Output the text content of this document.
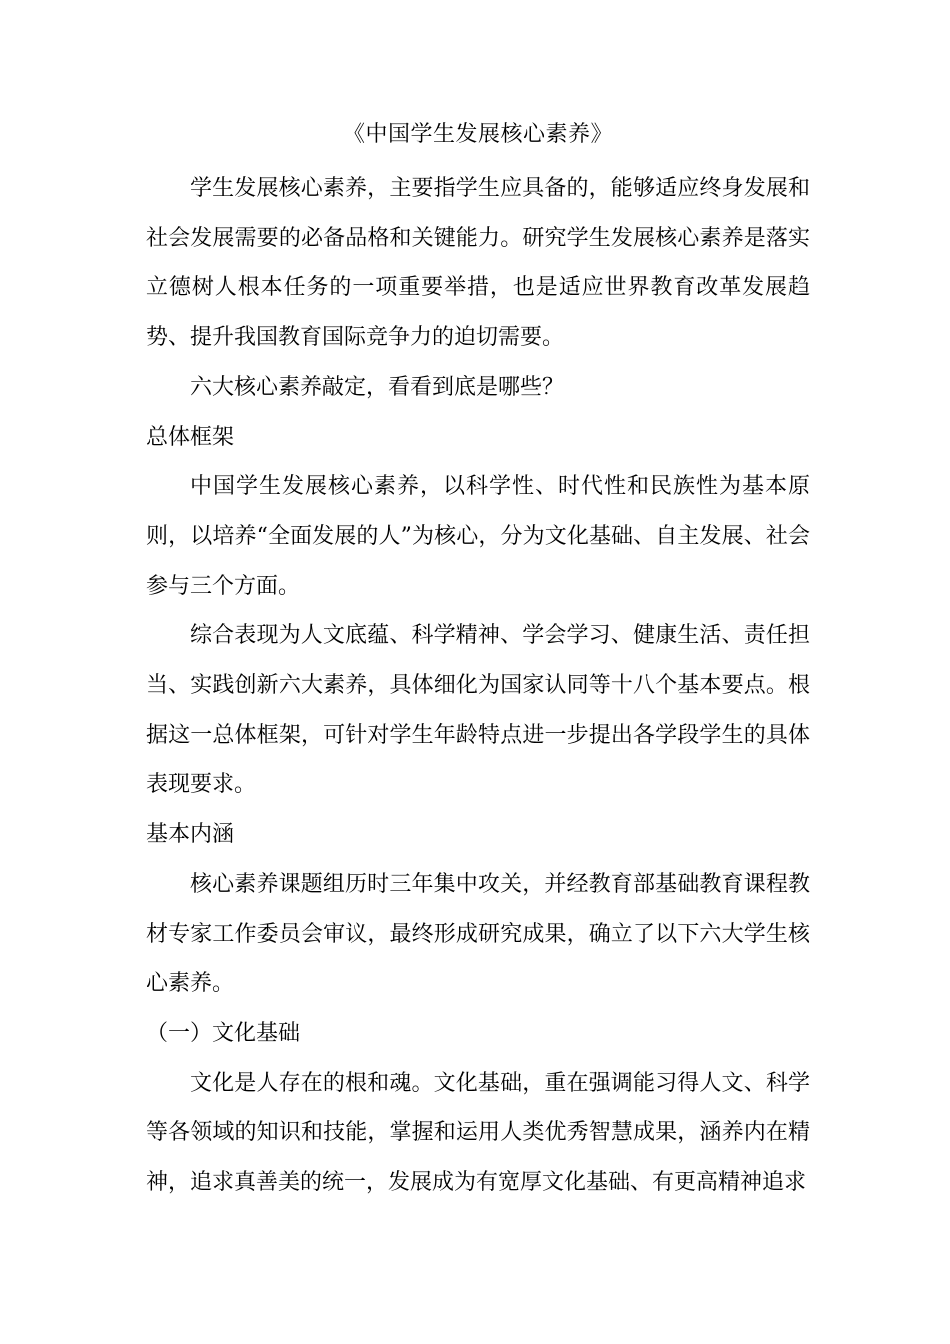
《中国学生发展核心素养》

学生发展核心素养，主要指学生应具备的，能够适应终身发展和社会发展需要的必备品格和关键能力。研究学生发展核心素养是落实立德树人根本任务的一项重要举措，也是适应世界教育改革发展趋势、提升我国教育国际竞争力的迫切需要。

六大核心素养敲定，看看到底是哪些？

总体框架

中国学生发展核心素养，以科学性、时代性和民族性为基本原则，以培养“全面发展的人”为核心，分为文化基础、自主发展、社会参与三个方面。

综合表现为人文底蕴、科学精神、学会学习、健康生活、责任担当、实践创新六大素养，具体细化为国家认同等十八个基本要点。根据这一总体框架，可针对学生年龄特点进一步提出各学段学生的具体表现要求。

基本内涵

核心素养课题组历时三年集中攻关，并经教育部基础教育课程教材专家工作委员会审议，最终形成研究成果，确立了以下六大学生核心素养。

（一）文化基础

文化是人存在的根和魂。文化基础，重在强调能习得人文、科学等各领域的知识和技能，掌握和运用人类优秀智慧成果，涵养内在精神，追求真善美的统一，发展成为有宽厚文化基础、有更高精神追求
